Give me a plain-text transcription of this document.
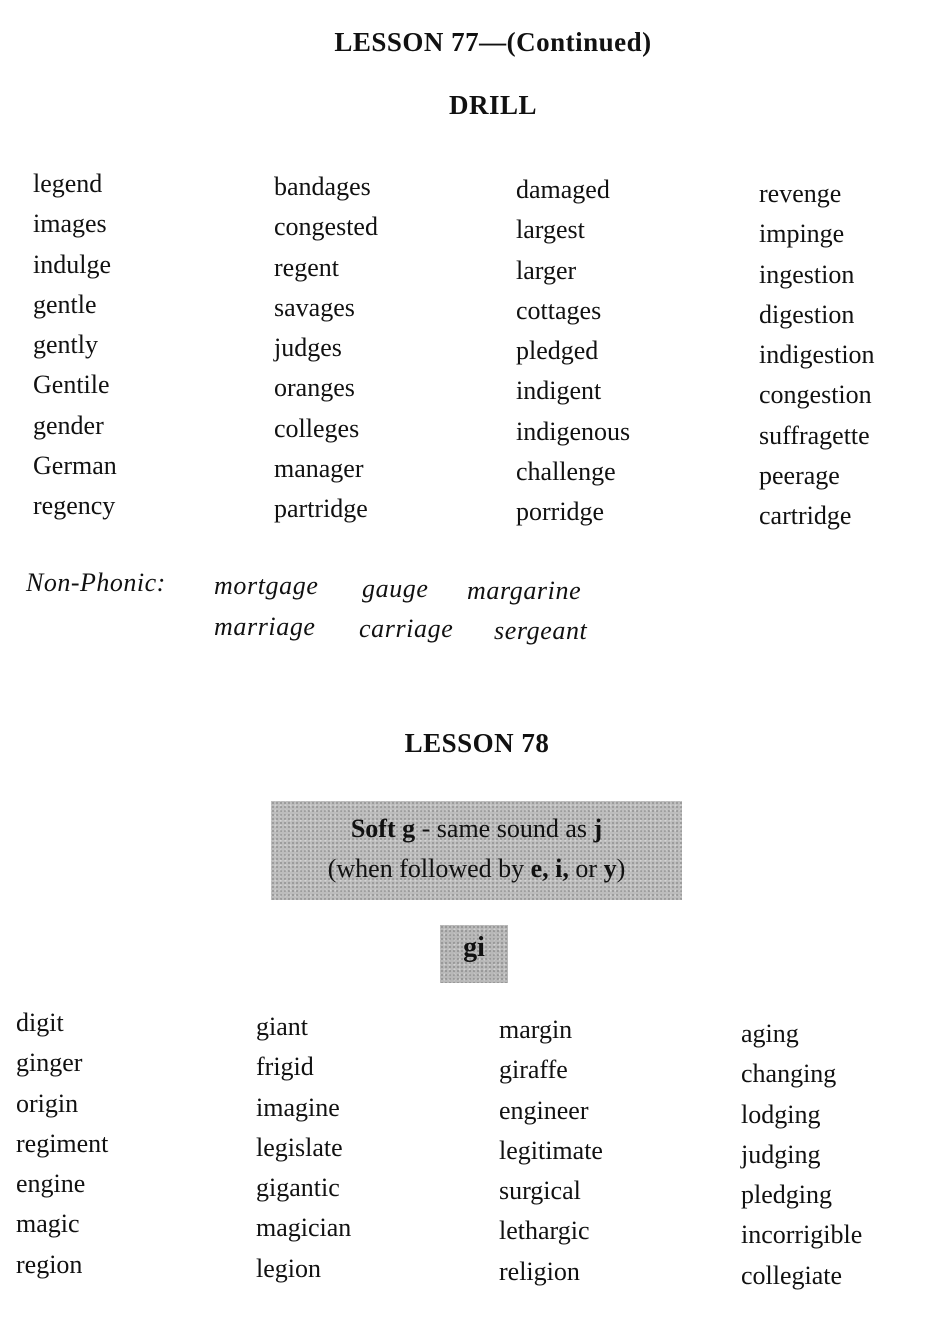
LESSON 77—(Continued)
DRILL
legend
images
indulge
gentle
gently
Gentile
gender
German
regency
bandages
congested
regent
savages
judges
oranges
colleges
manager
partridge
damaged
largest
larger
cottages
pledged
indigent
indigenous
challenge
porridge
revenge
impinge
ingestion
digestion
indigestion
congestion
suffragette
peerage
cartridge
Non-Phonic: mortgage gauge margarine
marriage carriage sergeant
LESSON 78
Soft g - same sound as j
(when followed by e, i, or y)
gi
digit
ginger
origin
regiment
engine
magic
region
giant
frigid
imagine
legislate
gigantic
magician
legion
margin
giraffe
engineer
legitimate
surgical
lethargic
religion
aging
changing
lodging
judging
pledging
incorrigible
collegiate
